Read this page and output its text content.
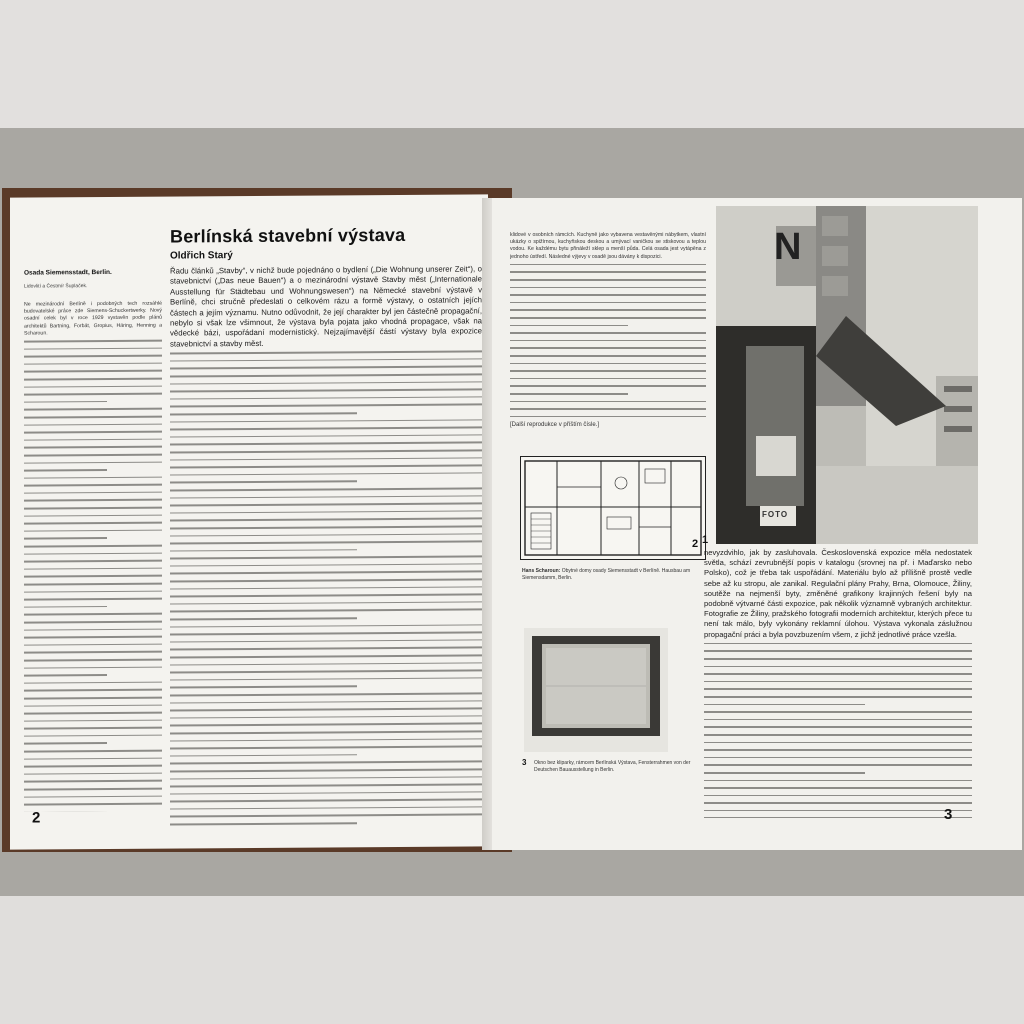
Osada Siemensstadt, Berlin.
Lidovlití a Čestmír Šuplaček.
Ne mezinárodní Berlíně i podobných tech rozsáhlé budovatelské práce zde Siemens-Schuckertwerky. Nový osadní celek byl v roce 1929 vystavěn podle plánů architektů Bartning, Forbát, Gropius, Häring, Henning a Scharoun.
Berlínská stavební výstava
Oldřich Starý
Řadu článků „Stavby“, v nichž bude pojednáno o bydlení („Die Wohnung unserer Zeit“), o stavebnictví („Das neue Bauen“) a o mezinárodní výstavě Stavby měst („Internationale Ausstellung für Städtebau und Wohnungswesen“) na Německé stavební výstavě v Berlíně, chci stručně předeslati o celkovém rázu a formě výstavy, o ostatních jejích částech a jejím významu. Nutno odůvodnit, že její charakter byl jen částečně propagační, nebylo si však lze všimnout, že výstava byla pojata jako vhodná propagace, však na vědecké bázi, uspořádaní modernistický. Nejzajímavější částí výstavy byla expozice stavebnictví a stavby měst.
2
klidové v osobních rámcích. Kuchyně jako vybavena vestavěnými nábytkem, vlastní ukázky o spižírnou, kuchyňskou deskou a umývací vaničkou se stiskovou a teplou vodou. Ke každému bytu přináleží sklep a menší půda. Celá osada jest vytápěna z jednoho ústředí. Následné výjevy v osadě jsou dávány k dispozici.
[Další reprodukce v příštím čísle.]
N
FOTO
2 1
Hans Scharoun: Obytné domy osady Siemensstadt v Berlíně. Hausbau am Siemensdamm, Berlin.
3 Okno bez kliparky, rámcem Berlínská Výstava, Fensterrahmen von der Deutschen Bauausstellung in Berlin.
nevyzdvihlo, jak by zasluhovala. Československá expozice měla nedostatek světla, schází zevrubnější popis v katalogu (srovnej na př. i Maďarsko nebo Polsko), což je třeba tak uspořádání. Materiálu bylo až přílišně prostě vedle sebe až ku stropu, ale zanikal. Regulační plány Prahy, Brna, Olomouce, Žiliny, soutěže na nejmenší byty, změněné grafikony krajinných řešení byly na podobně výtvarné části expozice, pak několik významně vybraných architektur. Fotografie ze Žiliny, pražského fotografii moderních architektur, kterých přece tu není tak málo, byly vykonány reklamní úlohou. Výstava vykonala záslužnou propagační práci a byla povzbuzením všem, z jichž jednotlivé práce vzešla.
3
